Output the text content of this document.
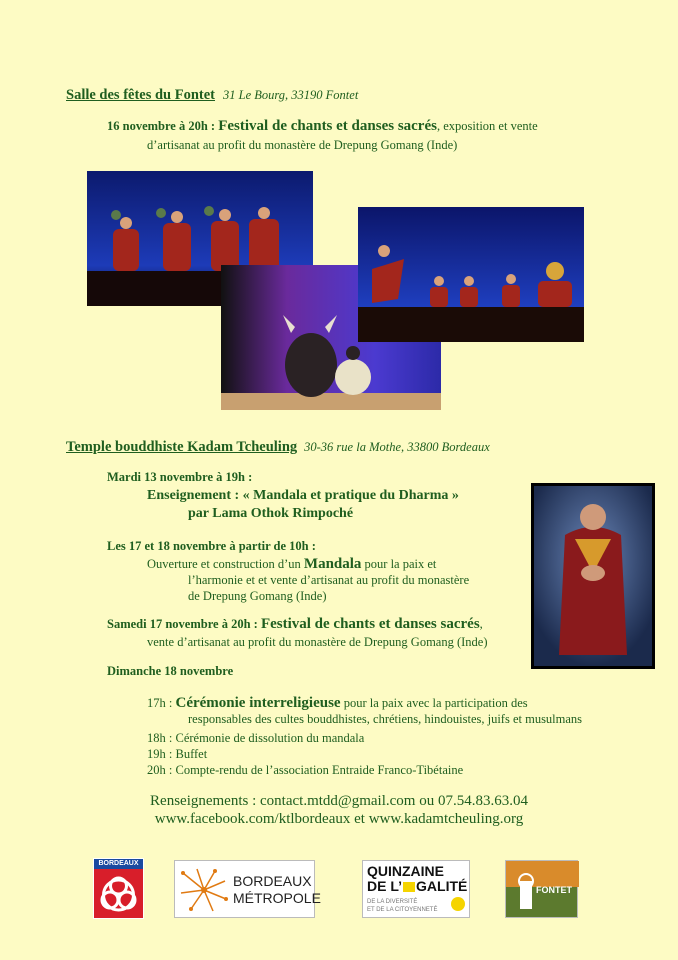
Salle des fêtes du Fontet 31 Le Bourg, 33190 Fontet
16 novembre à 20h : Festival de chants et danses sacrés, exposition et vente
d’artisanat au profit du monastère de Drepung Gomang (Inde)
Temple bouddhiste Kadam Tcheuling 30-36 rue la Mothe, 33800 Bordeaux
Mardi 13 novembre à 19h :
Enseignement : « Mandala et pratique du Dharma »
par Lama Othok Rimpoché
Les 17 et 18 novembre à partir de 10h :
Ouverture et construction d’un Mandala pour la paix et
l’harmonie et et vente d’artisanat au profit du monastère
de Drepung Gomang (Inde)
Samedi 17 novembre à 20h : Festival de chants et danses sacrés,
vente d’artisanat au profit du monastère de Drepung Gomang (Inde)
Dimanche 18 novembre
17h : Cérémonie interreligieuse pour la paix avec la participation des
responsables des cultes bouddhistes, chrétiens, hindouistes, juifs et musulmans
18h : Cérémonie de dissolution du mandala
19h : Buffet
20h : Compte-rendu de l’association Entraide Franco-Tibétaine
Renseignements : contact.mtdd@gmail.com ou 07.54.83.63.04
www.facebook.com/ktlbordeaux et www.kadamtcheuling.org
BORDEAUX
BORDEAUX
MÉTROPOLE
QUINZAINE
DE L’ GALITÉ
DE LA DIVERSITÉ
ET DE LA CITOYENNETÉ
FONTET
